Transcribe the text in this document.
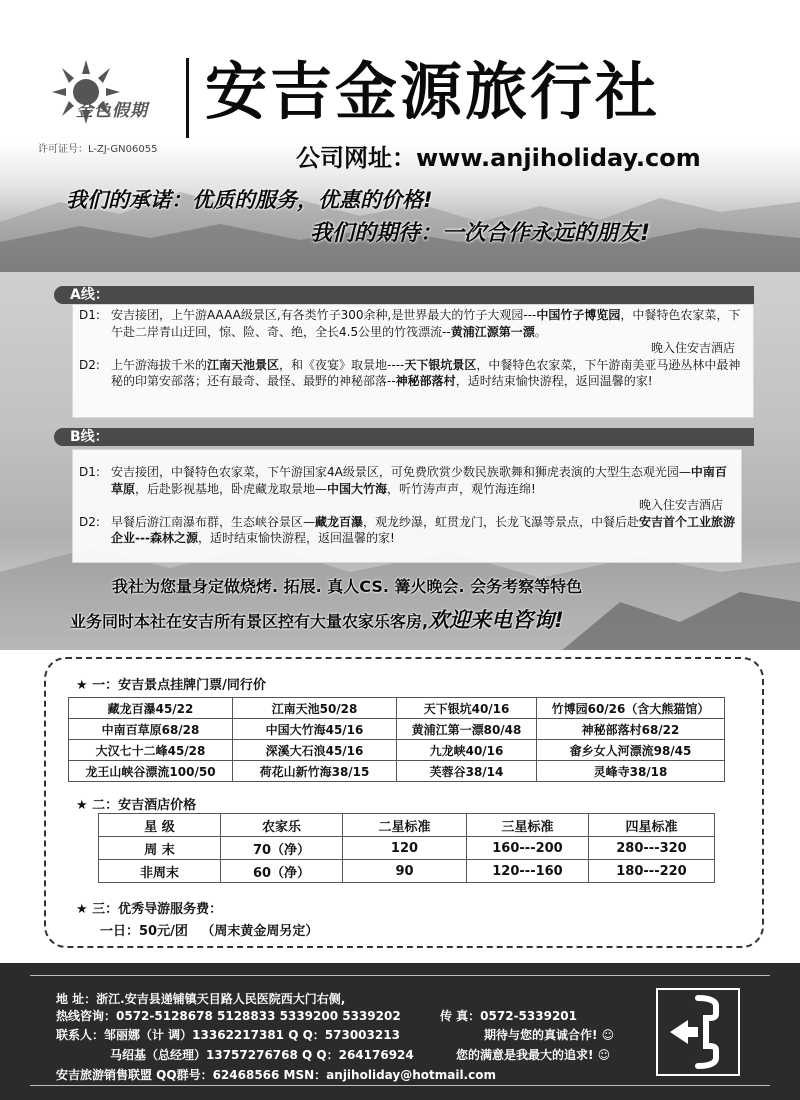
金色假期
许可证号：L-ZJ-GN06055
安吉金源旅行社
公司网址：www.anjiholiday.com
我们的承诺：优质的服务，优惠的价格!
我们的期待：一次合作永远的朋友!
A线：
D1: 安吉接团，上午游AAAA级景区,有各类竹子300余种,是世界最大的竹子大观园---中国竹子博览园，中餐特色农家菜，下午赴二岸青山迂回，惊、险、奇、绝，全长4.5公里的竹筏漂流--黄浦江源第一漂。
晚入住安吉酒店
D2: 上午游海拔千米的江南天池景区，和《夜宴》取景地----天下银坑景区，中餐特色农家菜，下午游南美亚马逊丛林中最神秘的印第安部落；还有最奇、最怪、最野的神秘部落--神秘部落村，适时结束愉快游程，返回温馨的家!
B线：
D1: 安吉接团，中餐特色农家菜，下午游国家4A级景区，可免费欣赏少数民族歌舞和狮虎表演的大型生态观光园—中南百草原，后赴影视基地，卧虎藏龙取景地—中国大竹海，听竹涛声声，观竹海连绵!
晚入住安吉酒店
D2: 早餐后游江南瀑布群，生态峡谷景区—藏龙百瀑，观龙纱瀑，虹贯龙门，长龙飞瀑等景点，中餐后赴安吉首个工业旅游企业---森林之源，适时结束愉快游程，返回温馨的家!
我社为您量身定做烧烤. 拓展. 真人CS. 篝火晚会. 会务考察等特色
业务同时本社在安吉所有景区控有大量农家乐客房,欢迎来电咨询!
★ 一：安吉景点挂牌门票/同行价
藏龙百瀑45/22	江南天池50/28	天下银坑40/16	竹博园60/26（含大熊猫馆）
中南百草原68/28	中国大竹海45/16	黄浦江第一漂80/48	神秘部落村68/22
大汉七十二峰45/28	深溪大石浪45/16	九龙峡40/16	畲乡女人河漂流98/45
龙王山峡谷漂流100/50	荷花山新竹海38/15	芙蓉谷38/14	灵峰寺38/18
★ 二：安吉酒店价格
星 级	农家乐	二星标准	三星标准	四星标准
周 末	70（净）	120	160---200	280---320
非周末	60（净）	90	120---160	180---220
★ 三：优秀导游服务费：
一日：50元/团 （周末黄金周另定）
地 址：浙江.安吉县递铺镇天目路人民医院西大门右侧,
热线咨询：0572-5128678 5128833 5339200 5339202	传 真：0572-5339201
联系人：邹丽娜（计 调）13362217381 Q Q：573003213	期待与您的真诚合作! ☺
马绍基（总经理）13757276768 Q Q：264176924	您的满意是我最大的追求! ☺
安吉旅游销售联盟 QQ群号：62468566 MSN：anjiholiday@hotmail.com
